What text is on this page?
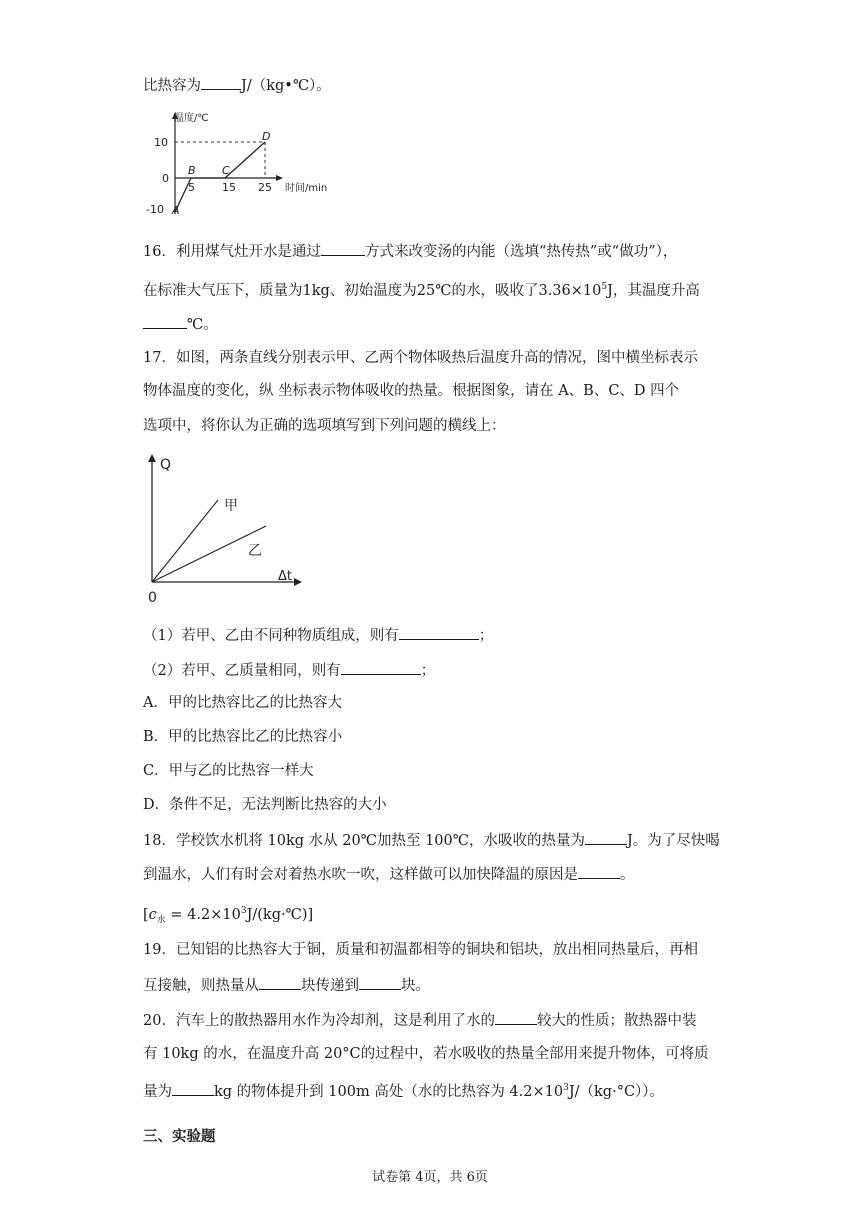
比热容为	J/（kg•℃）。
温度/℃
时间/min
10
0
-10
5 15 25
A
B C
D
16．利用煤气灶开水是通过	方式来改变汤的内能（选填“热传热”或“做功”），
在标准大气压下，质量为1kg、初始温度为25℃的水，吸收了$3.36\times 10^5J$，其温度升高
℃。
17．如图，两条直线分别表示甲、乙两个物体吸热后温度升高的情况，图中横坐标表示
物体温度的变化，纵 坐标表示物体吸收的热量。根据图象，请在 A、B、C、D 四个
选项中，将你认为正确的选项填写到下列问题的横线上：
Q
Δt
0
甲
乙
（1）若甲、乙由不同种物质组成，则有	；
（2）若甲、乙质量相同，则有	；
A．甲的比热容比乙的比热容大
B．甲的比热容比乙的比热容小
C．甲与乙的比热容一样大
D．条件不足，无法判断比热容的大小
18．学校饮水机将 10kg 水从 20℃加热至 100℃，水吸收的热量为	J。为了尽快喝
到温水，人们有时会对着热水吹一吹，这样做可以加快降温的原因是	。
[$c_水$ = $4.2\times 10^3J/(kg\cdot℃)$]
19．已知铝的比热容大于铜，质量和初温都相等的铜块和铝块，放出相同热量后，再相
互接触，则热量从	块传递到	块。
20．汽车上的散热器用水作为冷却剂，这是利用了水的	较大的性质；散热器中装
有 10kg 的水，在温度升高 20°C的过程中，若水吸收的热量全部用来提升物体，可将质
量为	kg 的物体提升到 100m 高处（水的比热容为 $4.2\times 10^3J/(kg\cdot^\circ C)$）。
三、实验题
试卷第 4页，共 6页
